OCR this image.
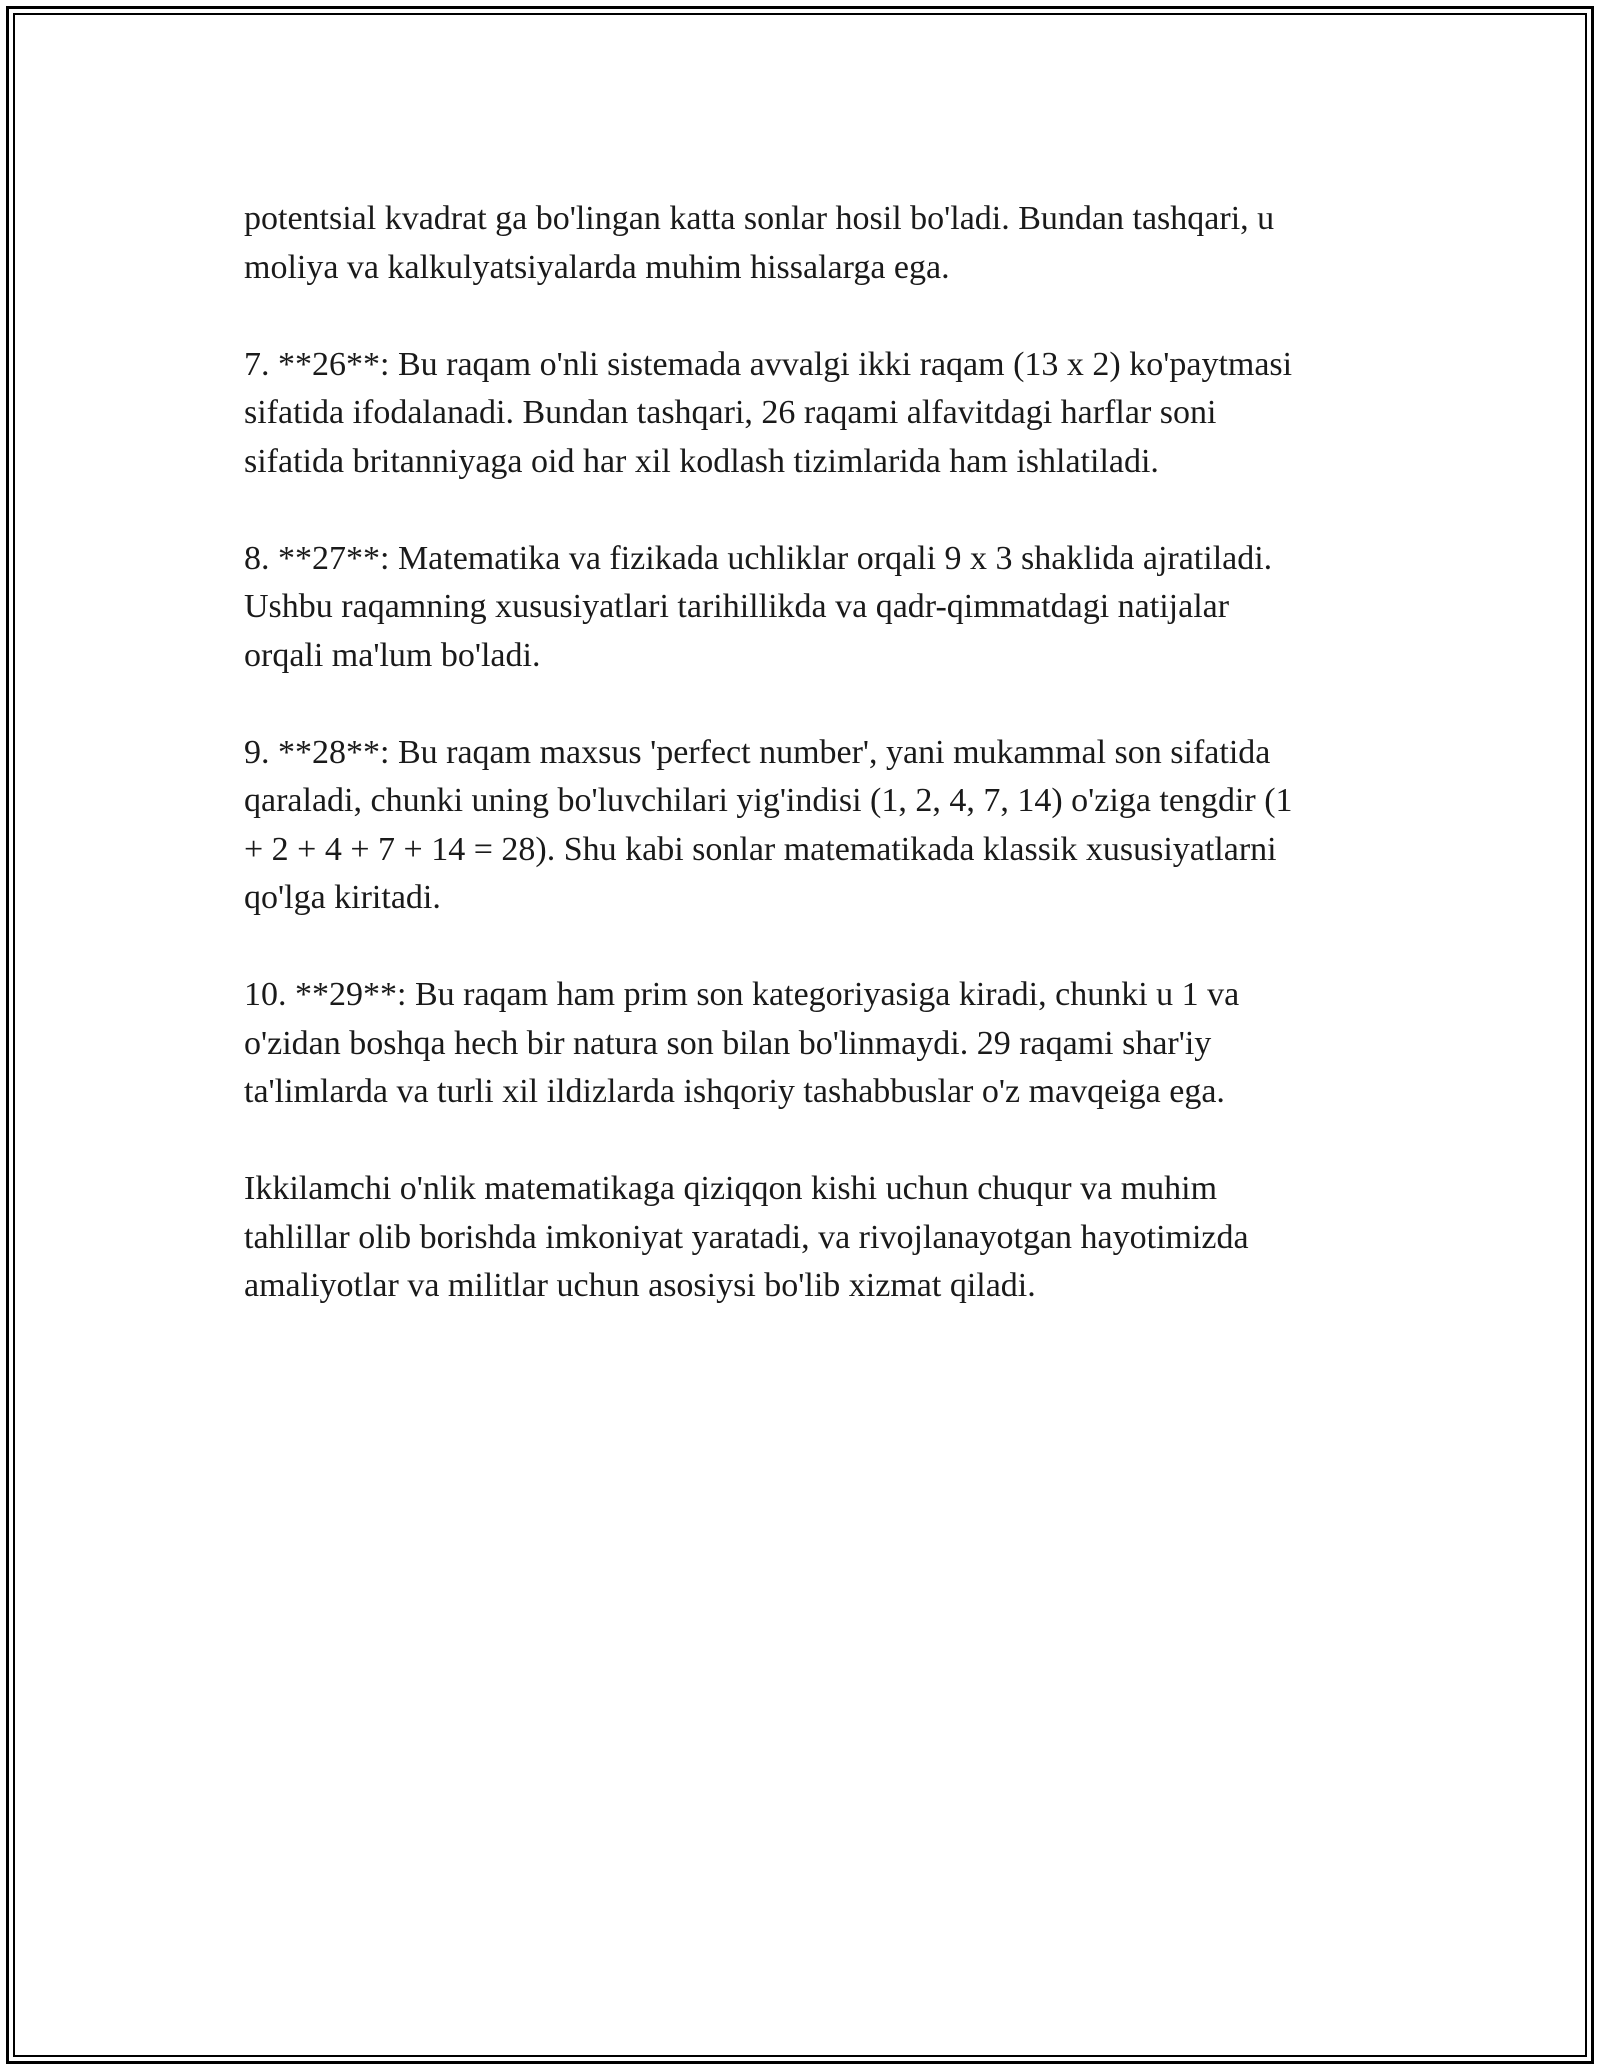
potentsial kvadrat ga bo'lingan katta sonlar hosil bo'ladi. Bundan tashqari, u
moliya va kalkulyatsiyalarda muhim hissalarga ega.

7. **26**: Bu raqam o'nli sistemada avvalgi ikki raqam (13 x 2) ko'paytmasi
sifatida ifodalanadi. Bundan tashqari, 26 raqami alfavitdagi harflar soni
sifatida britanniyaga oid har xil kodlash tizimlarida ham ishlatiladi.

8. **27**: Matematika va fizikada uchliklar orqali 9 x 3 shaklida ajratiladi.
Ushbu raqamning xususiyatlari tarihillikda va qadr-qimmatdagi natijalar
orqali ma'lum bo'ladi.

9. **28**: Bu raqam maxsus 'perfect number', yani mukammal son sifatida
qaraladi, chunki uning bo'luvchilari yig'indisi (1, 2, 4, 7, 14) o'ziga tengdir (1
+ 2 + 4 + 7 + 14 = 28). Shu kabi sonlar matematikada klassik xususiyatlarni
qo'lga kiritadi.

10. **29**: Bu raqam ham prim son kategoriyasiga kiradi, chunki u 1 va
o'zidan boshqa hech bir natura son bilan bo'linmaydi. 29 raqami shar'iy
ta'limlarda va turli xil ildizlarda ishqoriy tashabbuslar o'z mavqeiga ega.

Ikkilamchi o'nlik matematikaga qiziqqon kishi uchun chuqur va muhim
tahlillar olib borishda imkoniyat yaratadi, va rivojlanayotgan hayotimizda
amaliyotlar va militlar uchun asosiysi bo'lib xizmat qiladi.
